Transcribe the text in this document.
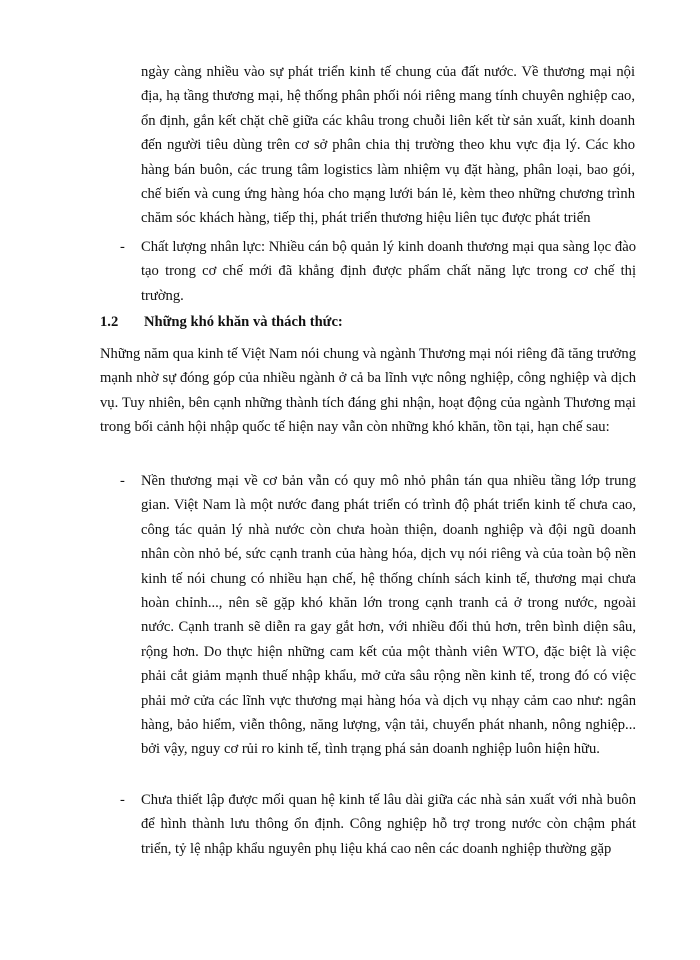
ngày càng nhiều vào sự phát triển kinh tế chung của đất nước. Về thương mại nội địa, hạ tầng thương mại, hệ thống phân phối nói riêng mang tính chuyên nghiệp cao, ổn định, gắn kết chặt chẽ giữa các khâu trong chuỗi liên kết từ sản xuất, kinh doanh đến người tiêu dùng trên cơ sở phân chia thị trường theo khu vực địa lý. Các kho hàng bán buôn, các trung tâm logistics làm nhiệm vụ đặt hàng, phân loại, bao gói, chế biến và cung ứng hàng hóa cho mạng lưới bán lẻ, kèm theo những chương trình chăm sóc khách hàng, tiếp thị, phát triển thương hiệu liên tục được phát triển
-	Chất lượng nhân lực: Nhiều cán bộ quản lý kinh doanh thương mại qua sàng lọc đào tạo trong cơ chế mới đã khẳng định được phẩm chất năng lực trong cơ chế thị trường.
1.2 Những khó khăn và thách thức:
Những năm qua kinh tế Việt Nam nói chung và ngành Thương mại nói riêng đã tăng trưởng mạnh nhờ sự đóng góp của nhiều ngành ở cả ba lĩnh vực nông nghiệp, công nghiệp và dịch vụ. Tuy nhiên, bên cạnh những thành tích đáng ghi nhận, hoạt động của ngành Thương mại trong bối cảnh hội nhập quốc tế hiện nay vẫn còn những khó khăn, tồn tại, hạn chế sau:
-	Nền thương mại về cơ bản vẫn có quy mô nhỏ phân tán qua nhiều tầng lớp trung gian. Việt Nam là một nước đang phát triển có trình độ phát triển kinh tế chưa cao, công tác quản lý nhà nước còn chưa hoàn thiện, doanh nghiệp và đội ngũ doanh nhân còn nhỏ bé, sức cạnh tranh của hàng hóa, dịch vụ nói riêng và của toàn bộ nền kinh tế nói chung có nhiều hạn chế, hệ thống chính sách kinh tế, thương mại chưa hoàn chỉnh..., nên sẽ gặp khó khăn lớn trong cạnh tranh cả ở trong nước, ngoài nước. Cạnh tranh sẽ diễn ra gay gắt hơn, với nhiều đối thủ hơn, trên bình diện sâu, rộng hơn. Do thực hiện những cam kết của một thành viên WTO, đặc biệt là việc phải cắt giảm mạnh thuế nhập khẩu, mở cửa sâu rộng nền kinh tế, trong đó có việc phải mở cửa các lĩnh vực thương mại hàng hóa và dịch vụ nhạy cảm cao như: ngân hàng, bảo hiểm, viễn thông, năng lượng, vận tải, chuyển phát nhanh, nông nghiệp... bởi vậy, nguy cơ rủi ro kinh tế, tình trạng phá sản doanh nghiệp luôn hiện hữu.
-	Chưa thiết lập được mối quan hệ kinh tế lâu dài giữa các nhà sản xuất với nhà buôn để hình thành lưu thông ổn định. Công nghiệp hỗ trợ trong nước còn chậm phát triển, tỷ lệ nhập khẩu nguyên phụ liệu khá cao nên các doanh nghiệp thường gặp
